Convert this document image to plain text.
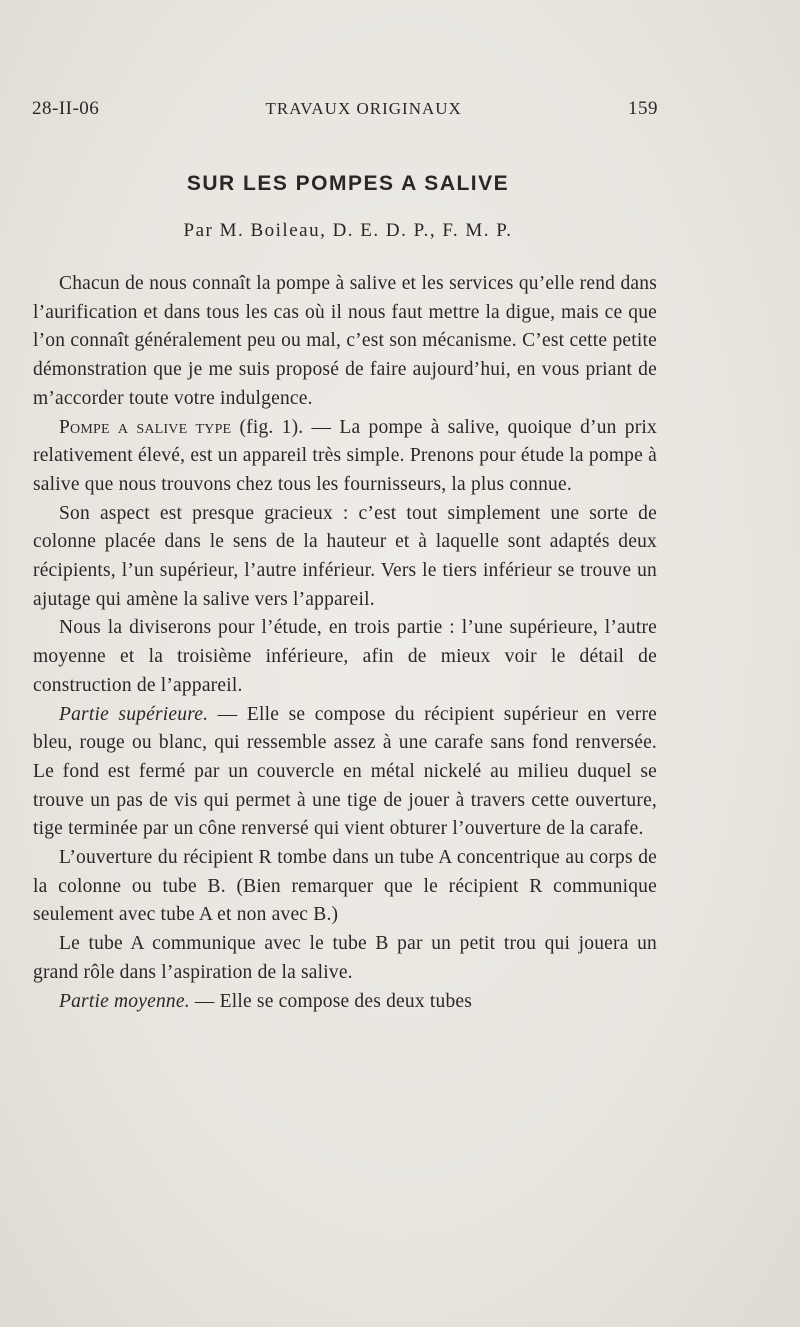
28-II-06	TRAVAUX ORIGINAUX	159
SUR LES POMPES A SALIVE
Par M. Boileau, D. E. D. P., F. M. P.

Chacun de nous connaît la pompe à salive et les services qu’elle rend dans l’aurification et dans tous les cas où il nous faut mettre la digue, mais ce que l’on connaît généralement peu ou mal, c’est son mécanisme. C’est cette petite démonstration que je me suis proposé de faire aujourd’hui, en vous priant de m’accorder toute votre indulgence.

Pompe a salive type (fig. 1). — La pompe à salive, quoique d’un prix relativement élevé, est un appareil très simple. Prenons pour étude la pompe à salive que nous trouvons chez tous les fournisseurs, la plus connue.

Son aspect est presque gracieux : c’est tout simplement une sorte de colonne placée dans le sens de la hauteur et à laquelle sont adaptés deux récipients, l’un supérieur, l’autre inférieur. Vers le tiers inférieur se trouve un ajutage qui amène la salive vers l’appareil.

Nous la diviserons pour l’étude, en trois partie : l’une supérieure, l’autre moyenne et la troisième inférieure, afin de mieux voir le détail de construction de l’appareil.

Partie supérieure. — Elle se compose du récipient supérieur en verre bleu, rouge ou blanc, qui ressemble assez à une carafe sans fond renversée. Le fond est fermé par un couvercle en métal nickelé au milieu duquel se trouve un pas de vis qui permet à une tige de jouer à travers cette ouverture, tige terminée par un cône renversé qui vient obturer l’ouverture de la carafe.

L’ouverture du récipient R tombe dans un tube A concentrique au corps de la colonne ou tube B. (Bien remarquer que le récipient R communique seulement avec tube A et non avec B.)

Le tube A communique avec le tube B par un petit trou qui jouera un grand rôle dans l’aspiration de la salive.

Partie moyenne. — Elle se compose des deux tubes
